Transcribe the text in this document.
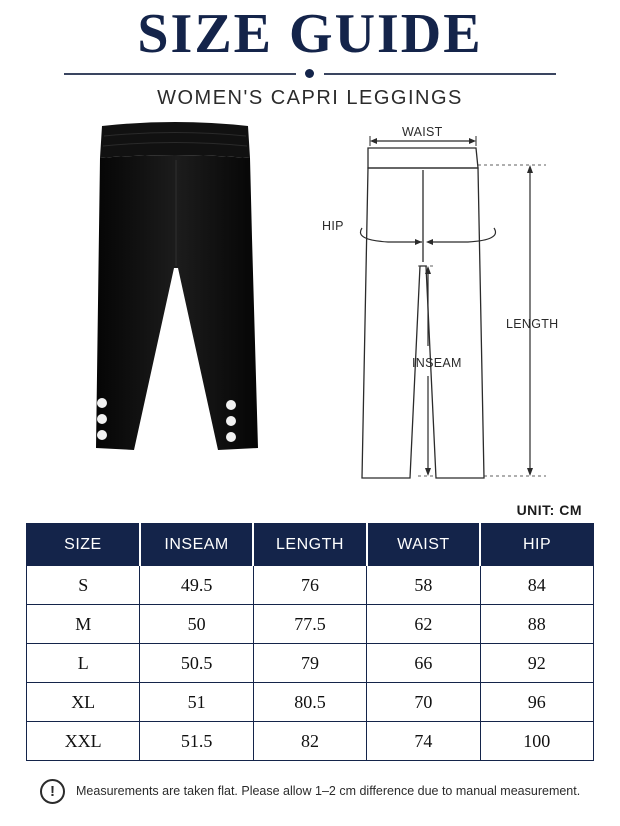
SIZE GUIDE
WOMEN'S CAPRI LEGGINGS
WAIST
HIP
LENGTH
INSEAM
UNIT: CM
SIZE	INSEAM	LENGTH	WAIST	HIP
S	49.5	76	58	84
M	50	77.5	62	88
L	50.5	79	66	92
XL	51	80.5	70	96
XXL	51.5	82	74	100
!	Measurements are taken flat. Please allow 1–2 cm difference due to manual measurement.
